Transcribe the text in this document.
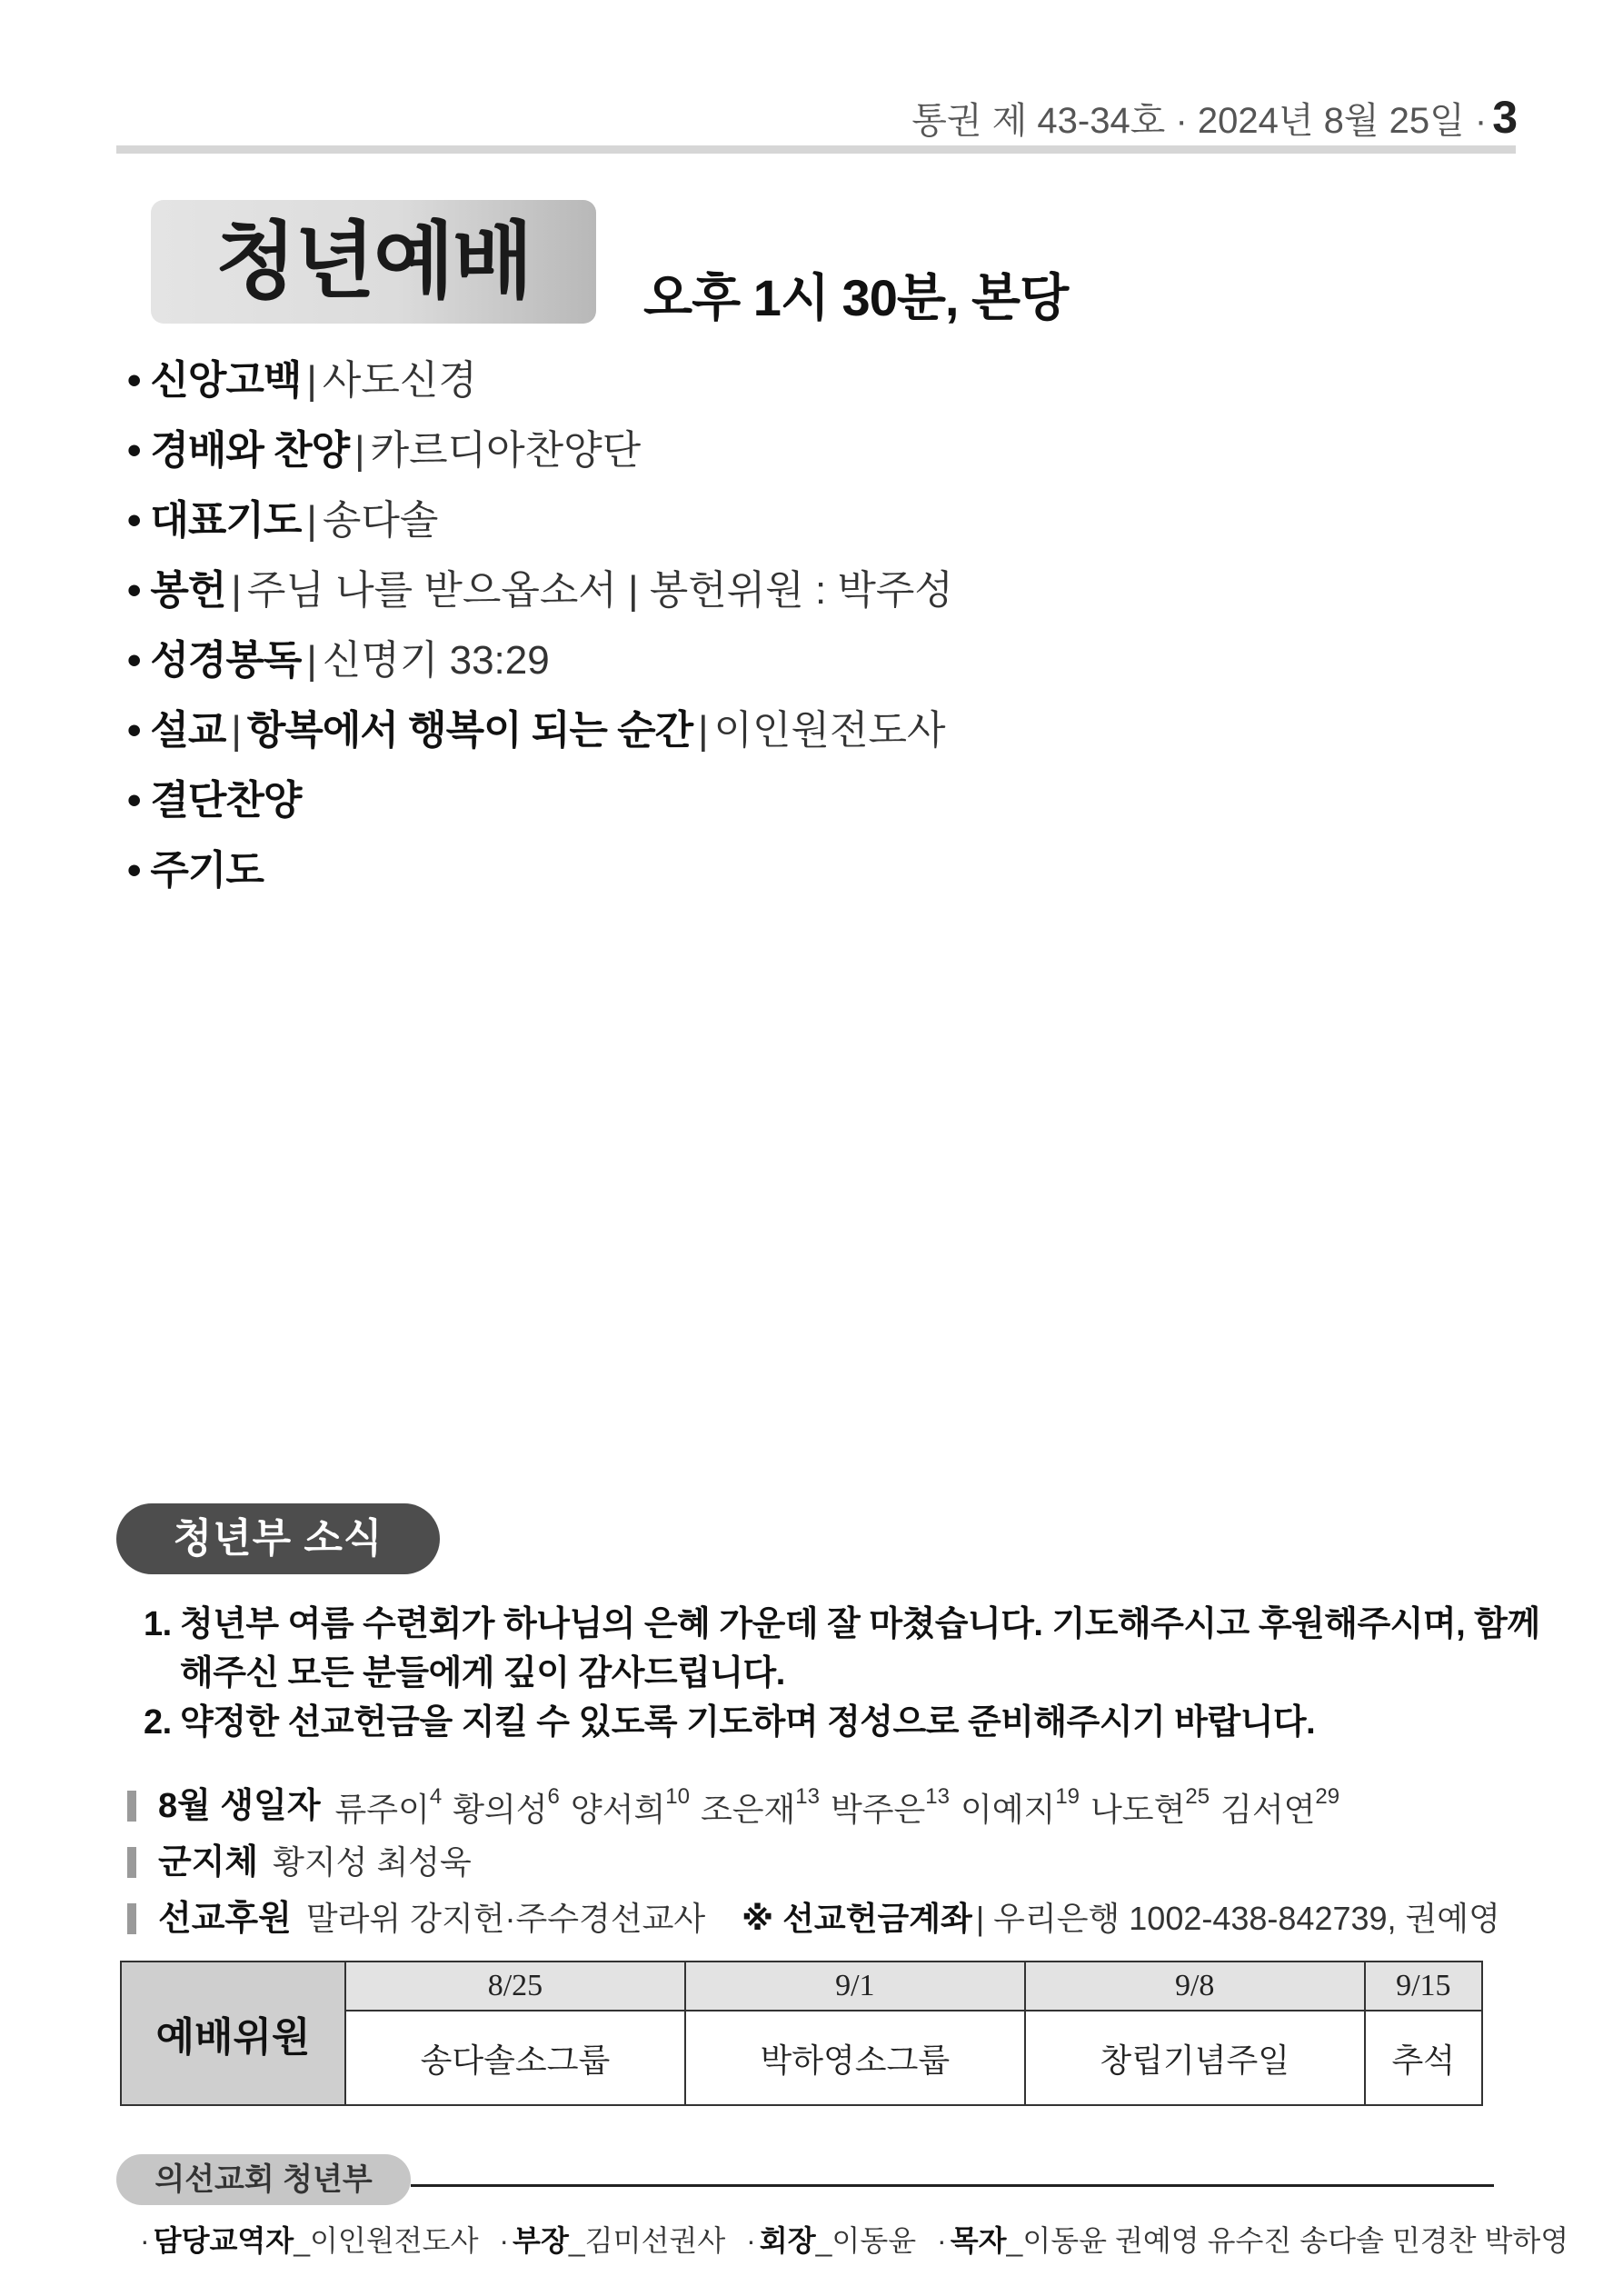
통권 제 43-34호 · 2024년 8월 25일 · 3
청년예배	오후 1시 30분, 본당
• 신앙고백 | 사도신경
• 경배와 찬양 | 카르디아찬양단
• 대표기도 | 송다솔
• 봉헌 | 주님 나를 받으옵소서 | 봉헌위원 : 박주성
• 성경봉독 | 신명기 33:29
• 설교 | 항복에서 행복이 되는 순간 | 이인원전도사
• 결단찬양
• 주기도
청년부 소식
1. 청년부 여름 수련회가 하나님의 은혜 가운데 잘 마쳤습니다. 기도해주시고 후원해주시며, 함께
해주신 모든 분들에게 깊이 감사드립니다.
2. 약정한 선교헌금을 지킬 수 있도록 기도하며 정성으로 준비해주시기 바랍니다.
8월 생일자 류주이$^4$ 황의성$^6$ 양서희$^{10}$ 조은재$^{13}$ 박주은$^{13}$ 이예지$^{19}$ 나도현$^{25}$ 김서연$^{29}$
군지체 황지성 최성욱
선교후원 말라위 강지헌·주수경선교사 ※ 선교헌금계좌 | 우리은행 1002-438-842739, 권예영
예배위원	8/25	9/1	9/8	9/15
	송다솔소그룹	박하영소그룹	창립기념주일	추석
의선교회 청년부
· 담당교역자_이인원전도사 · 부장_김미선권사 · 회장_이동윤 · 목자_이동윤 권예영 유수진 송다솔 민경찬 박하영
